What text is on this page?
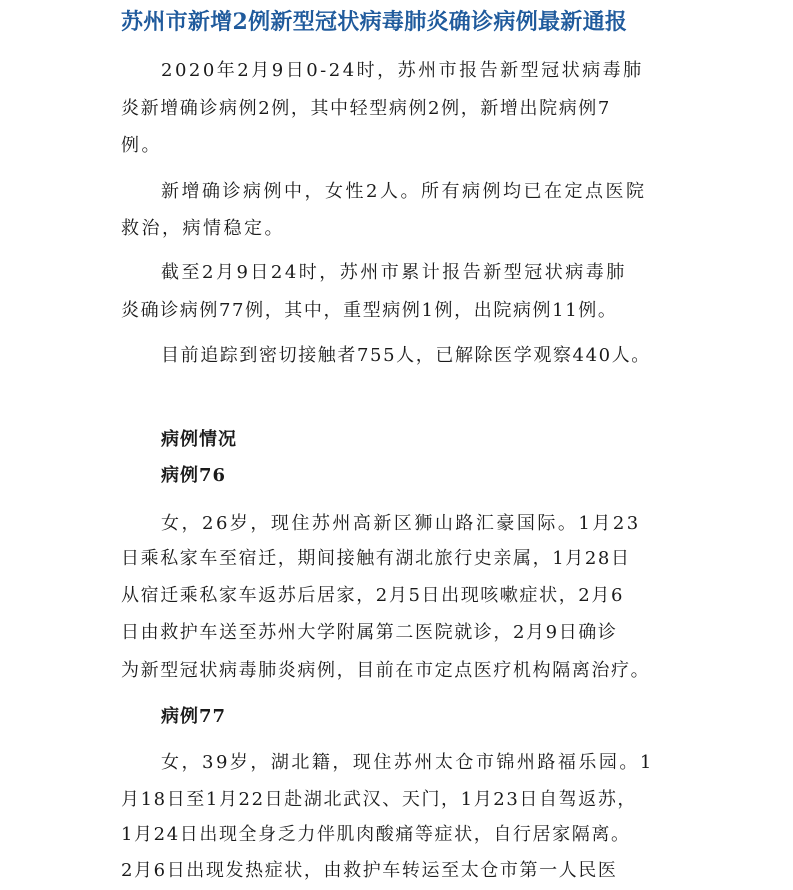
苏州市新增2例新型冠状病毒肺炎确诊病例最新通报
2020年2月9日0-24时，苏州市报告新型冠状病毒肺
炎新增确诊病例2例，其中轻型病例2例，新增出院病例7
例。
新增确诊病例中，女性2人。所有病例均已在定点医院
救治，病情稳定。
截至2月9日24时，苏州市累计报告新型冠状病毒肺
炎确诊病例77例，其中，重型病例1例，出院病例11例。
目前追踪到密切接触者755人，已解除医学观察440人。
病例情况
病例76
女，26岁，现住苏州高新区狮山路汇豪国际。1月23
日乘私家车至宿迁，期间接触有湖北旅行史亲属，1月28日
从宿迁乘私家车返苏后居家，2月5日出现咳嗽症状，2月6
日由救护车送至苏州大学附属第二医院就诊，2月9日确诊
为新型冠状病毒肺炎病例，目前在市定点医疗机构隔离治疗。
病例77
女，39岁，湖北籍，现住苏州太仓市锦州路福乐园。1
月18日至1月22日赴湖北武汉、天门，1月23日自驾返苏，
1月24日出现全身乏力伴肌肉酸痛等症状，自行居家隔离。
2月6日出现发热症状，由救护车转运至太仓市第一人民医
